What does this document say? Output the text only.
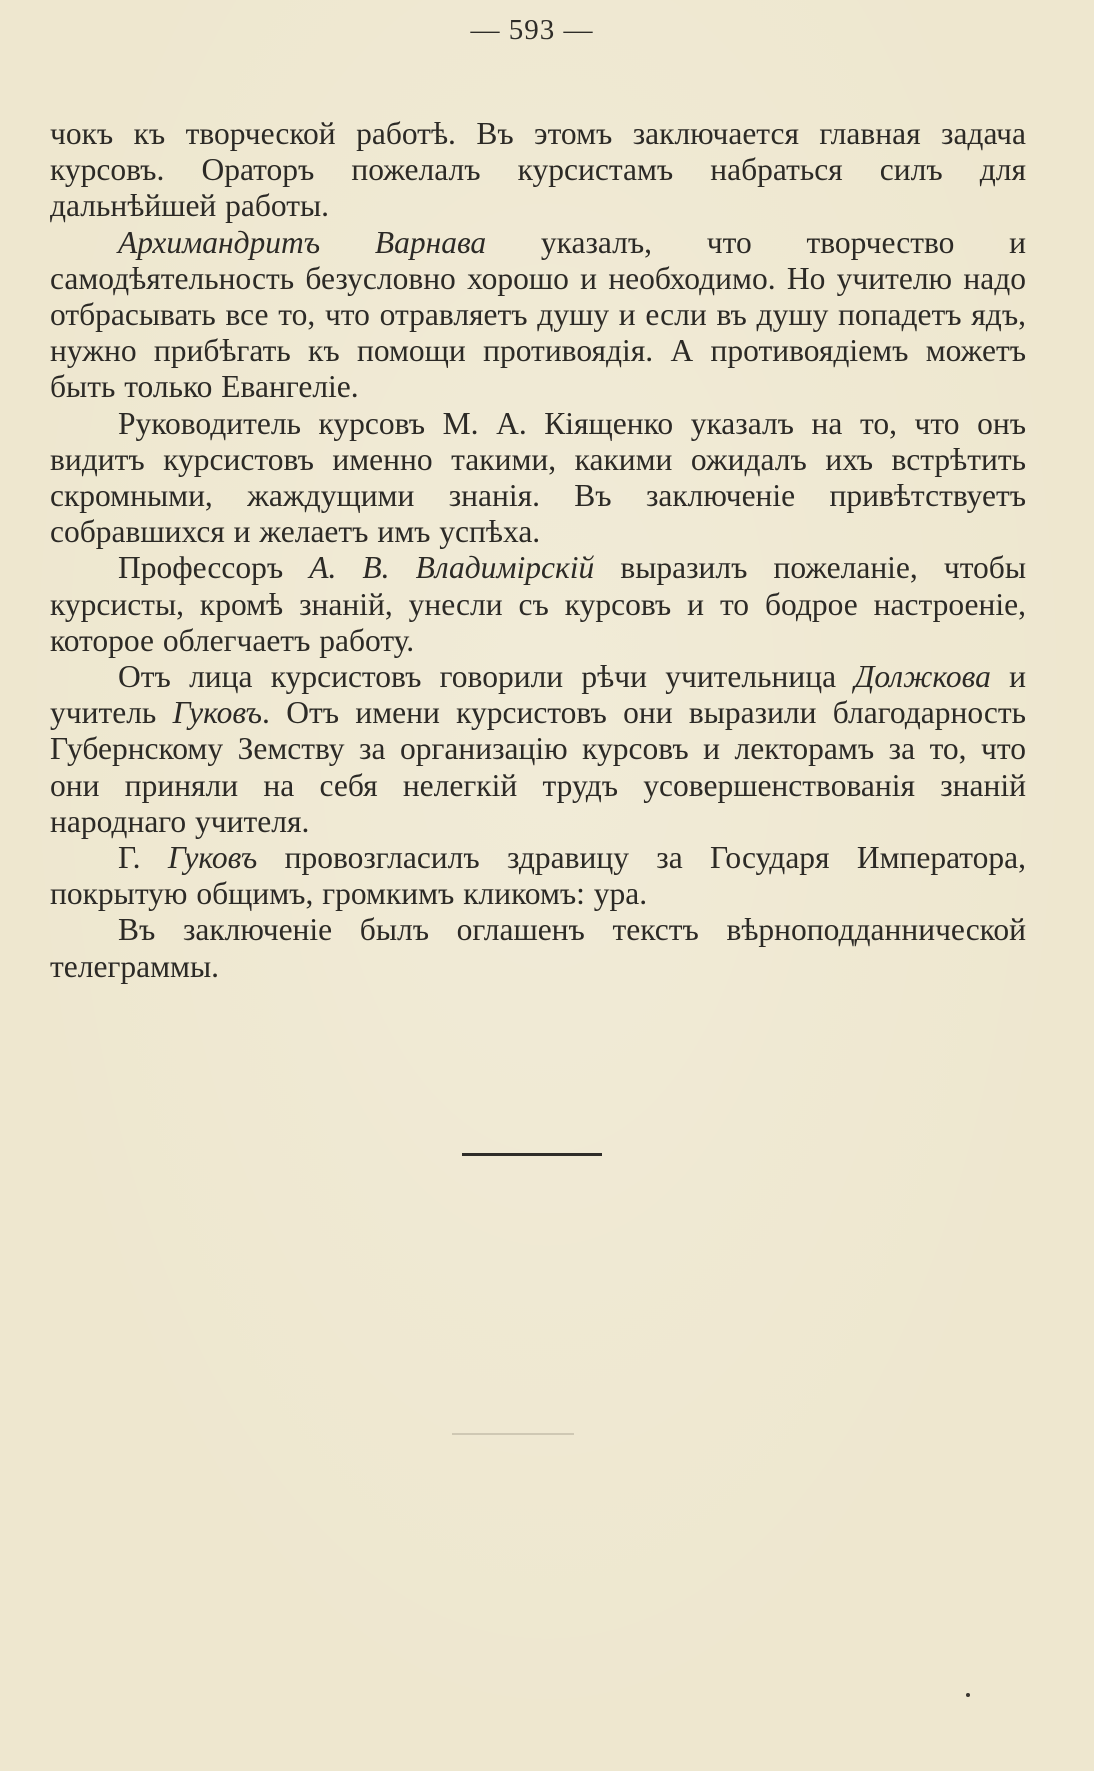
— 593 —

чокъ къ творческой работѣ. Въ этомъ заключается главная задача курсовъ. Ораторъ пожелалъ курсистамъ набраться силъ для дальнѣйшей работы.

Архимандритъ Варнава указалъ, что творчество и самодѣятельность безусловно хорошо и необходимо. Но учителю надо отбрасывать все то, что отравляетъ душу и если въ душу попадетъ ядъ, нужно прибѣгать къ помощи противоядія. А противоядіемъ можетъ быть только Евангеліе.

Руководитель курсовъ М. А. Кіященко указалъ на то, что онъ видитъ курсистовъ именно такими, какими ожидалъ ихъ встрѣтить скромными, жаждущими знанія. Въ заключеніе привѣтствуетъ собравшихся и желаетъ имъ успѣха.

Профессоръ А. В. Владимірскій выразилъ пожеланіе, чтобы курсисты, кромѣ знаній, унесли съ курсовъ и то бодрое настроеніе, которое облегчаетъ работу.

Отъ лица курсистовъ говорили рѣчи учительница Должкова и учитель Гуковъ. Отъ имени курсистовъ они выразили благодарность Губернскому Земству за организацію курсовъ и лекторамъ за то, что они приняли на себя нелегкій трудъ усовершенствованія знаній народнаго учителя.

Г. Гуковъ провозгласилъ здравицу за Государя Императора, покрытую общимъ, громкимъ кликомъ: ура.

Въ заключеніе былъ оглашенъ текстъ вѣрноподданнической телеграммы.
